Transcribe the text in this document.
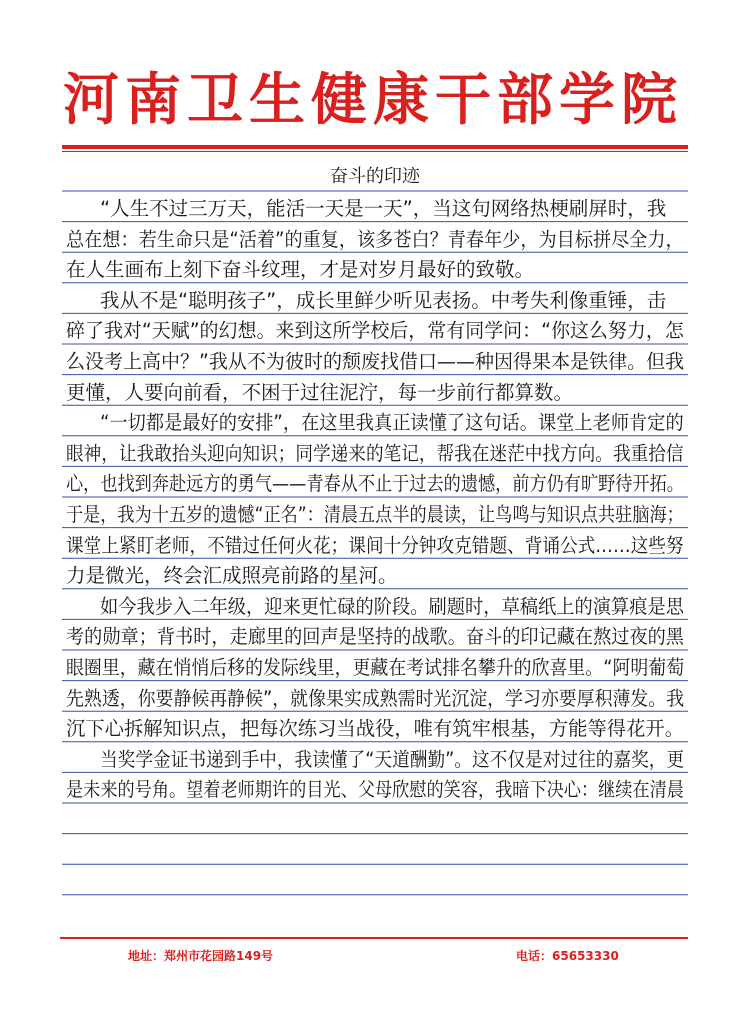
河南卫生健康干部学院
奋斗的印迹
“人生不过三万天，能活一天是一天”，当这句网络热梗刷屏时，我
总在想：若生命只是“活着”的重复，该多苍白？青春年少，为目标拼尽全力，
在人生画布上刻下奋斗纹理，才是对岁月最好的致敬。
我从不是“聪明孩子”，成长里鲜少听见表扬。中考失利像重锤，击
碎了我对“天赋”的幻想。来到这所学校后，常有同学问：“你这么努力，怎
么没考上高中？”我从不为彼时的颓废找借口——种因得果本是铁律。但我
更懂，人要向前看，不困于过往泥泞，每一步前行都算数。
“一切都是最好的安排”，在这里我真正读懂了这句话。课堂上老师肯定的
眼神，让我敢抬头迎向知识；同学递来的笔记，帮我在迷茫中找方向。我重拾信
心，也找到奔赴远方的勇气——青春从不止于过去的遗憾，前方仍有旷野待开拓。
于是，我为十五岁的遗憾“正名”：清晨五点半的晨读，让鸟鸣与知识点共驻脑海；
课堂上紧盯老师，不错过任何火花；课间十分钟攻克错题、背诵公式……这些努
力是微光，终会汇成照亮前路的星河。
如今我步入二年级，迎来更忙碌的阶段。刷题时，草稿纸上的演算痕是思
考的勋章；背书时，走廊里的回声是坚持的战歌。奋斗的印记藏在熬过夜的黑
眼圈里，藏在悄悄后移的发际线里，更藏在考试排名攀升的欣喜里。“阿明葡萄
先熟透，你要静候再静候”，就像果实成熟需时光沉淀，学习亦要厚积薄发。我
沉下心拆解知识点，把每次练习当战役，唯有筑牢根基，方能等得花开。
当奖学金证书递到手中，我读懂了“天道酬勤”。这不仅是对过往的嘉奖，更
是未来的号角。望着老师期许的目光、父母欣慰的笑容，我暗下决心：继续在清晨
地址：郑州市花园路149号	电话：65653330
